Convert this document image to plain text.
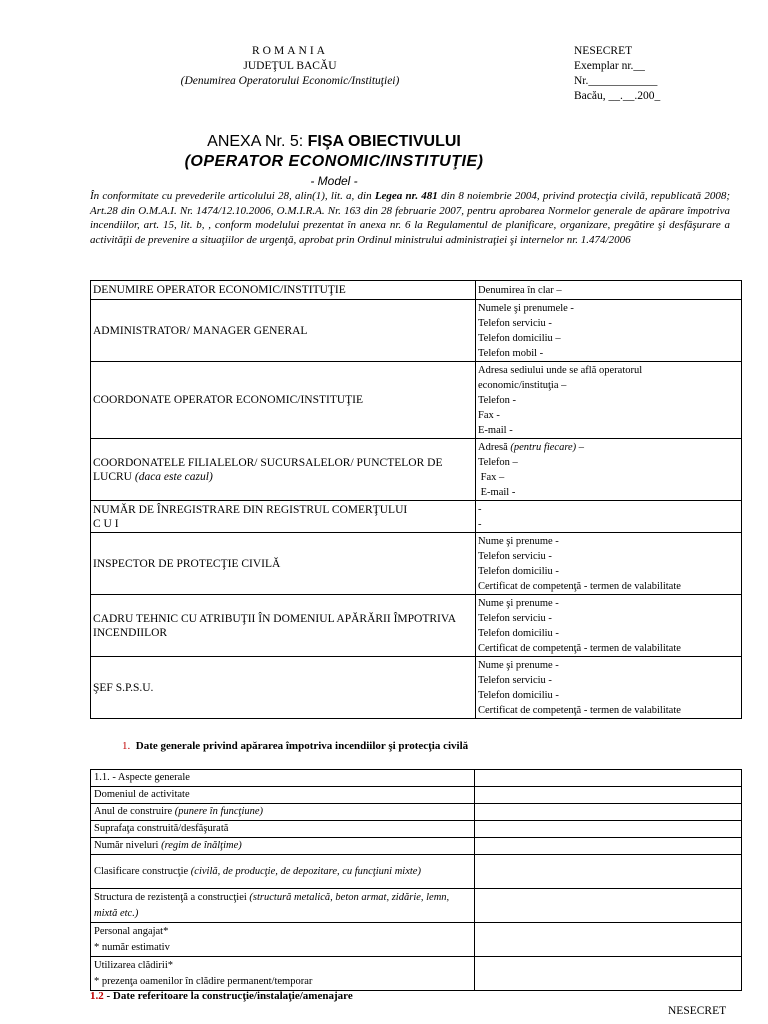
ROMANIA
JUDEŢUL BACĂU
(Denumirea Operatorului Economic/Instituţiei)
NESECRET
Exemplar nr.__
Nr.____________
Bacău, __.__.200_
ANEXA Nr. 5: FIŞA OBIECTIVULUI
(OPERATOR ECONOMIC/INSTITUŢIE)
- Model -
În conformitate cu prevederile articolului 28, alin(1), lit. a, din Legea nr. 481 din 8 noiembrie 2004, privind protecţia civilă, republicată 2008; Art.28 din O.M.A.I. Nr. 1474/12.10.2006, O.M.I.R.A. Nr. 163 din 28 februarie 2007, pentru aprobarea Normelor generale de apărare împotriva incendiilor, art. 15, lit. b, , conform modelului prezentat în anexa nr. 6 la Regulamentul de planificare, organizare, pregătire şi desfăşurare a activităţii de prevenire a situaţiilor de urgenţă, aprobat prin Ordinul ministrului administraţiei şi internelor nr. 1.474/2006
DENUMIRE OPERATOR ECONOMIC/INSTITUŢIE	Denumirea în clar –

ADMINISTRATOR/ MANAGER GENERAL	Numele şi prenumele -
Telefon serviciu -
Telefon domiciliu –
Telefon mobil -

COORDONATE OPERATOR ECONOMIC/INSTITUŢIE	Adresa sediului unde se află operatorul
economic/instituţia –
Telefon -
Fax -
E-mail -

COORDONATELE FILIALELOR/ SUCURSALELOR/ PUNCTELOR DE LUCRU (daca este cazul)	Adresă (pentru fiecare) –
Telefon –
Fax –
E-mail -

NUMĂR DE ÎNREGISTRARE DIN REGISTRUL COMERŢULUI
C U I	-
-

INSPECTOR DE PROTECŢIE CIVILĂ	Nume şi prenume -
Telefon serviciu -
Telefon domiciliu -
Certificat de competenţă - termen de valabilitate

CADRU TEHNIC CU ATRIBUŢII ÎN DOMENIUL APĂRĂRII ÎMPOTRIVA INCENDIILOR	Nume şi prenume -
Telefon serviciu -
Telefon domiciliu -
Certificat de competenţă - termen de valabilitate

ŞEF S.P.S.U.	Nume şi prenume -
Telefon serviciu -
Telefon domiciliu -
Certificat de competenţă - termen de valabilitate
1. Date generale privind apărarea împotriva incendiilor şi protecţia civilă
1.1. - Aspecte generale	
Domeniul de activitate	
Anul de construire (punere în funcţiune)	
Suprafaţa construită/desfăşurată	
Număr niveluri (regim de înălţime)	
Clasificare construcţie (civilă, de producţie, de depozitare, cu funcţiuni mixte)	
Structura de rezistenţă a construcţiei (structură metalică, beton armat, zidărie, lemn, mixtă etc.)	

Personal angajat*
* număr estimativ	

Utilizarea clădirii*
* prezenţa oamenilor în clădire permanent/temporar	

1.2 - Date referitoare la construcţie/instalaţie/amenajare
NESECRET
